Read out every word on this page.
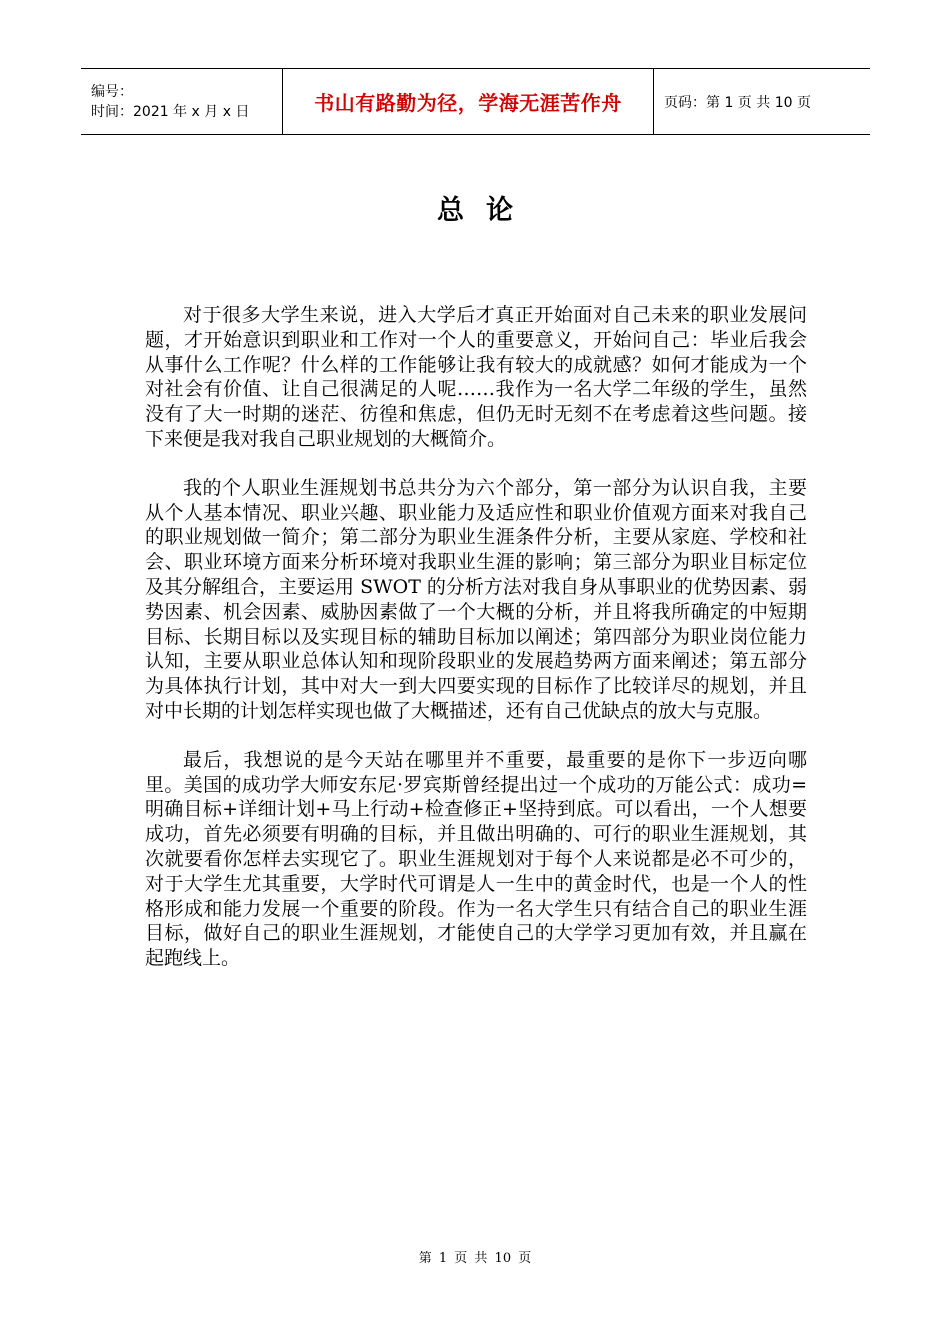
编号：
时间：2021 年 x 月 x 日	书山有路勤为径，学海无涯苦作舟	页码：第 1 页 共 10 页
总论

对于很多大学生来说，进入大学后才真正开始面对自己未来的职业发展问题，才开始意识到职业和工作对一个人的重要意义，开始问自己：毕业后我会从事什么工作呢？什么样的工作能够让我有较大的成就感？如何才能成为一个对社会有价值、让自己很满足的人呢……我作为一名大学二年级的学生，虽然没有了大一时期的迷茫、彷徨和焦虑，但仍无时无刻不在考虑着这些问题。接下来便是我对我自己职业规划的大概简介。

我的个人职业生涯规划书总共分为六个部分，第一部分为认识自我，主要从个人基本情况、职业兴趣、职业能力及适应性和职业价值观方面来对我自己的职业规划做一简介；第二部分为职业生涯条件分析，主要从家庭、学校和社会、职业环境方面来分析环境对我职业生涯的影响；第三部分为职业目标定位及其分解组合，主要运用 SWOT 的分析方法对我自身从事职业的优势因素、弱势因素、机会因素、威胁因素做了一个大概的分析，并且将我所确定的中短期目标、长期目标以及实现目标的辅助目标加以阐述；第四部分为职业岗位能力认知，主要从职业总体认知和现阶段职业的发展趋势两方面来阐述；第五部分为具体执行计划，其中对大一到大四要实现的目标作了比较详尽的规划，并且对中长期的计划怎样实现也做了大概描述，还有自己优缺点的放大与克服。

最后，我想说的是今天站在哪里并不重要，最重要的是你下一步迈向哪里。美国的成功学大师安东尼·罗宾斯曾经提出过一个成功的万能公式：成功=明确目标+详细计划+马上行动+检查修正+坚持到底。可以看出，一个人想要成功，首先必须要有明确的目标，并且做出明确的、可行的职业生涯规划，其次就要看你怎样去实现它了。职业生涯规划对于每个人来说都是必不可少的，对于大学生尤其重要，大学时代可谓是人一生中的黄金时代，也是一个人的性格形成和能力发展一个重要的阶段。作为一名大学生只有结合自己的职业生涯目标，做好自己的职业生涯规划，才能使自己的大学学习更加有效，并且赢在起跑线上。

第 1 页 共 10 页
